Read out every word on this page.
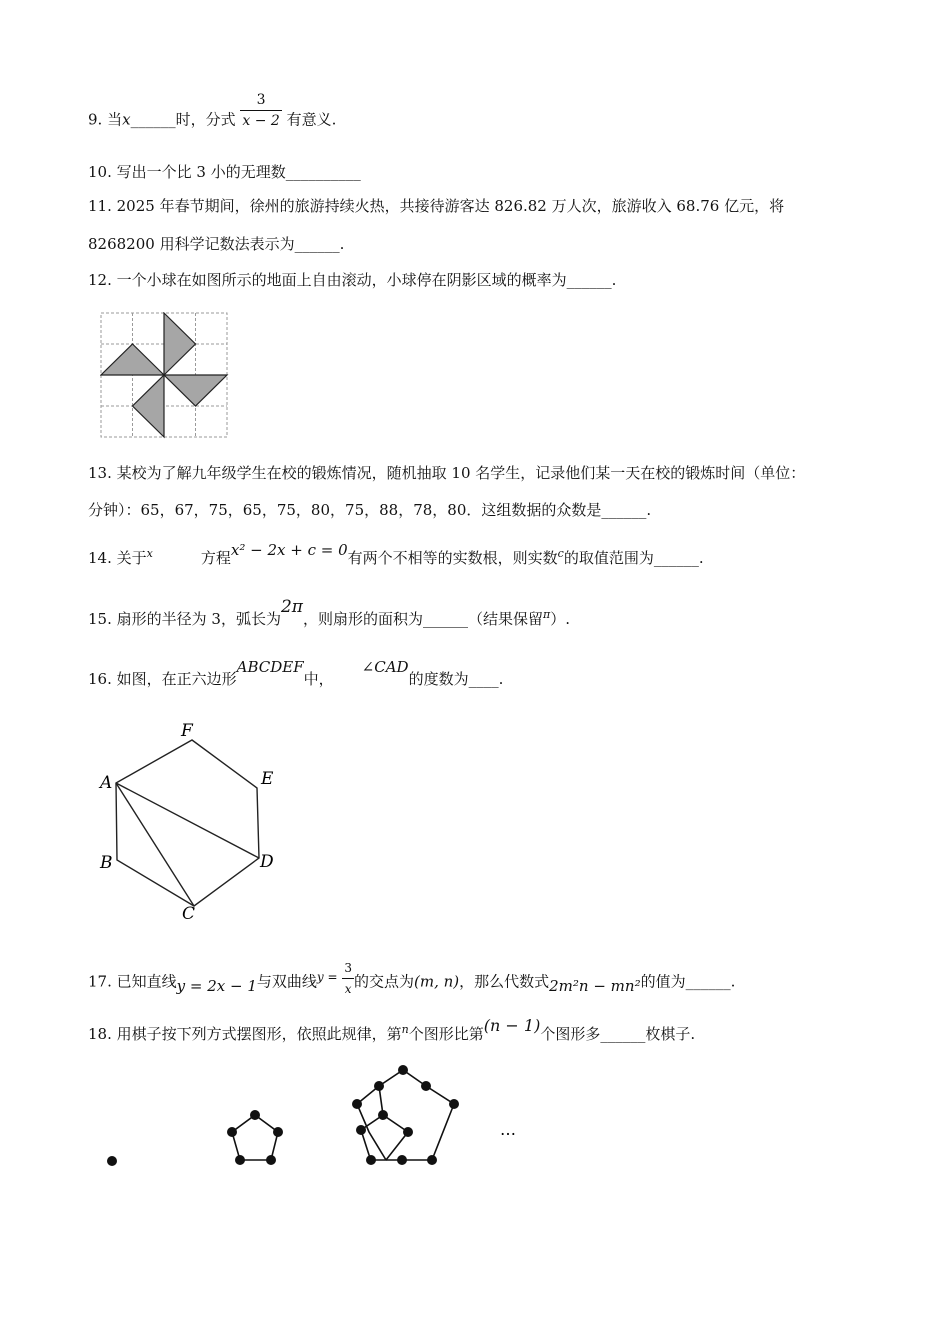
9. 当x______时，分式 $\frac{3}{x - 2}$ 有意义.
10. 写出一个比 3 小的无理数__________
11. 2025 年春节期间，徐州的旅游持续火热，共接待游客达 826.82 万人次，旅游收入 68.76 亿元，将
8268200 用科学记数法表示为______.
12. 一个小球在如图所示的地面上自由滚动，小球停在阴影区域的概率为______.
13. 某校为了解九年级学生在校的锻炼情况，随机抽取 10 名学生，记录他们某一天在校的锻炼时间（单位：
分钟）：65，67，75，65，75，80，75，88，78，80．这组数据的众数是______.
14. 关于$^x$	方程x² − 2x + c = 0有两个不相等的实数根，则实数$^c$的取值范围为______.
15. 扇形的半径为 3，弧长为2π，则扇形的面积为______（结果保留$^\pi$）.
16. 如图，在正六边形ABCDEF中，∠CAD的度数为____.
F
E
A
D
B
C
17. 已知直线y = 2x − 1与双曲线$^{y =} \frac{3}{x}$ 的交点为(m, n)，那么代数式2m²n − mn²的值为______.
18. 用棋子按下列方式摆图形，依照此规律，第$^n$个图形比第(n − 1)个图形多______枚棋子.
…
